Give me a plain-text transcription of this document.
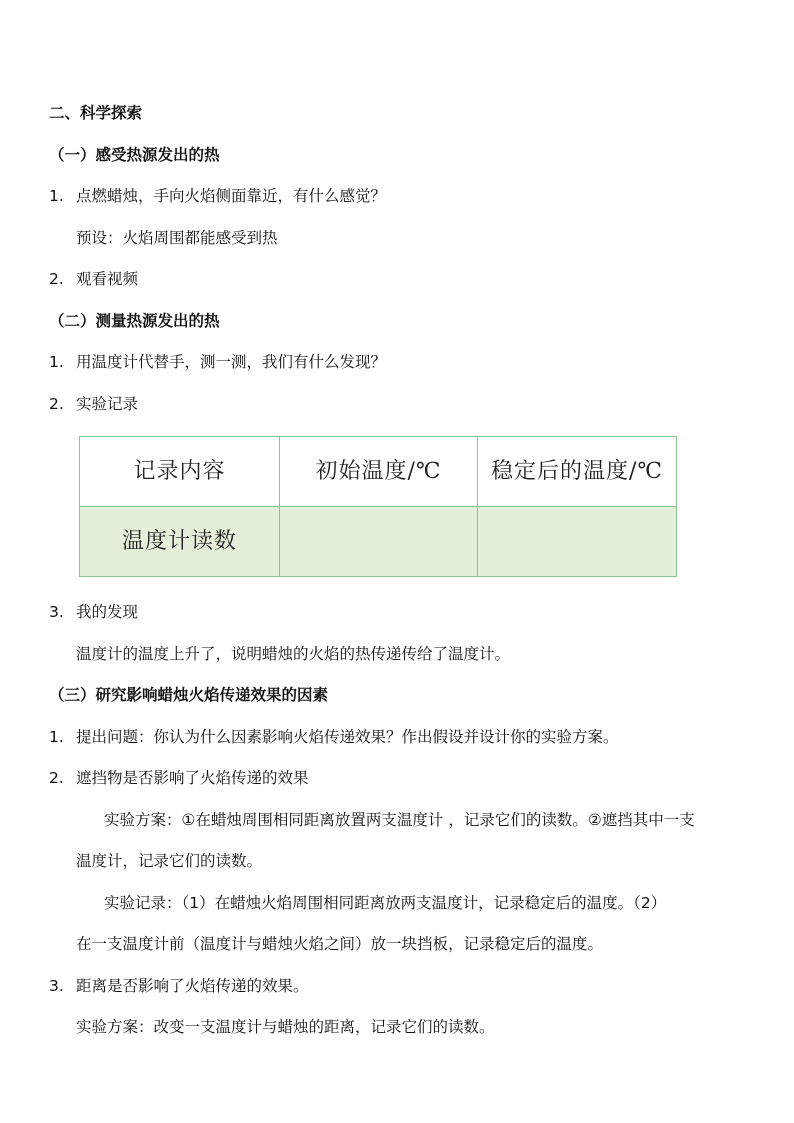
二、科学探索
（一）感受热源发出的热
1. 点燃蜡烛，手向火焰侧面靠近，有什么感觉？
预设：火焰周围都能感受到热
2. 观看视频
（二）测量热源发出的热
1. 用温度计代替手，测一测，我们有什么发现？
2. 实验记录
记录内容	初始温度/℃	稳定后的温度/℃
温度计读数		
3. 我的发现
温度计的温度上升了，说明蜡烛的火焰的热传递传给了温度计。
（三）研究影响蜡烛火焰传递效果的因素
1. 提出问题：你认为什么因素影响火焰传递效果？作出假设并设计你的实验方案。
2. 遮挡物是否影响了火焰传递的效果
实验方案：①在蜡烛周围相同距离放置两支温度计 ，记录它们的读数。②遮挡其中一支
温度计，记录它们的读数。
实验记录：（1）在蜡烛火焰周围相同距离放两支温度计，记录稳定后的温度。（2）
在一支温度计前（温度计与蜡烛火焰之间）放一块挡板，记录稳定后的温度。
3. 距离是否影响了火焰传递的效果。
实验方案：改变一支温度计与蜡烛的距离，记录它们的读数。
